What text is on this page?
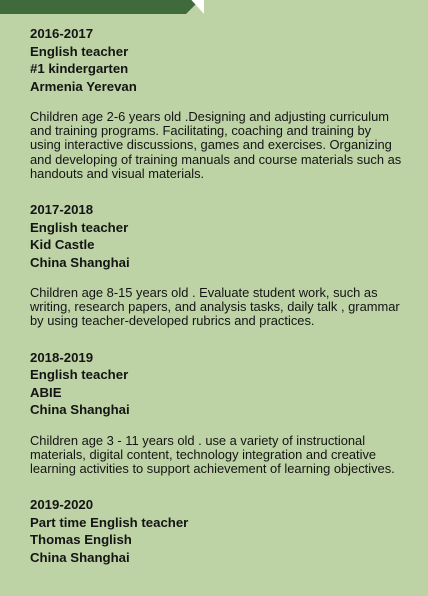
2016-2017
English teacher
#1 kindergarten
Armenia Yerevan
Children age 2-6 years old .Designing and adjusting curriculum and training programs. Facilitating, coaching and training by using interactive discussions, games and exercises. Organizing and developing of training manuals and course materials such as handouts and visual materials.
2017-2018
English teacher
Kid Castle
China Shanghai
Children age 8-15 years old . Evaluate student work, such as writing, research papers, and analysis tasks, daily talk , grammar by using teacher-developed rubrics and practices.
2018-2019
English teacher
ABIE
China Shanghai
Children age 3 - 11 years old . use a variety of instructional materials, digital content, technology integration and creative learning activities to support achievement of learning objectives.
2019-2020
Part time English teacher
Thomas English
China Shanghai
